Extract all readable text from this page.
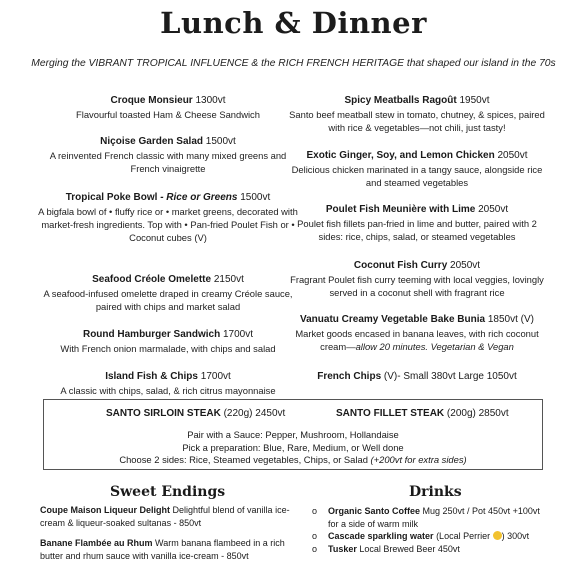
Lunch & Dinner
Merging the VIBRANT TROPICAL INFLUENCE & the RICH FRENCH HERITAGE that shaped our island in the 70s
Croque Monsieur 1300vt
Flavourful toasted Ham & Cheese Sandwich
Niçoise Garden Salad 1500vt
A reinvented French classic with many mixed greens and French vinaigrette
Tropical Poke Bowl - Rice or Greens 1500vt
A bigfala bowl of • fluffy rice or • market greens, decorated with market-fresh ingredients. Top with • Pan-fried Poulet Fish or • Coconut cubes (V)
Seafood Créole Omelette 2150vt
A seafood-infused omelette draped in creamy Créole sauce, paired with chips and market salad
Round Hamburger Sandwich 1700vt
With French onion marmalade, with chips and salad
Island Fish & Chips 1700vt
A classic with chips, salad, & rich citrus mayonnaise
Spicy Meatballs Ragoût 1950vt
Santo beef meatball stew in tomato, chutney, & spices, paired with rice & vegetables—not chili, just tasty!
Exotic Ginger, Soy, and Lemon Chicken 2050vt
Delicious chicken marinated in a tangy sauce, alongside rice and steamed vegetables
Poulet Fish Meunière with Lime 2050vt
Poulet fish fillets pan-fried in lime and butter, paired with 2 sides: rice, chips, salad, or steamed vegetables
Coconut Fish Curry 2050vt
Fragrant Poulet fish curry teeming with local veggies, lovingly served in a coconut shell with fragrant rice
Vanuatu Creamy Vegetable Bake Bunia 1850vt (V)
Market goods encased in banana leaves, with rich coconut cream—allow 20 minutes. Vegetarian & Vegan
French Chips (V)- Small 380vt Large 1050vt
SANTO SIRLOIN STEAK (220g) 2450vt	SANTO FILLET STEAK (200g) 2850vt
Pair with a Sauce: Pepper, Mushroom, Hollandaise
Pick a preparation: Blue, Rare, Medium, or Well done
Choose 2 sides: Rice, Steamed vegetables, Chips, or Salad (+200vt for extra sides)
Sweet Endings
Coupe Maison Liqueur Delight Delightful blend of vanilla ice-cream & liqueur-soaked sultanas - 850vt
Banane Flambée au Rhum Warm banana flambeed in a rich butter and rhum sauce with vanilla ice-cream - 850vt
Drinks
o Organic Santo Coffee Mug 250vt / Pot 450vt +100vt for a side of warm milk
o Cascade sparkling water (Local Perrier ) 300vt
o Tusker Local Brewed Beer 450vt
